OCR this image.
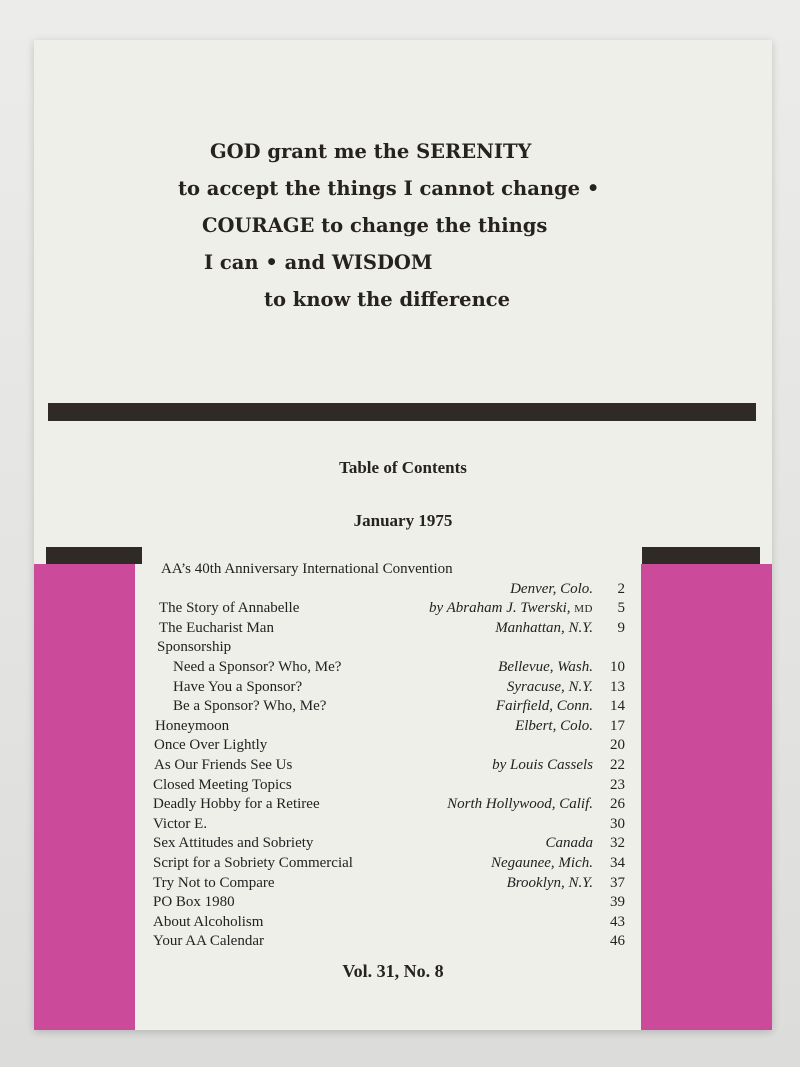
GOD grant me the SERENITY
to accept the things I cannot change •
COURAGE to change the things
I can • and WISDOM
to know the difference
Table of Contents
January 1975
AA’s 40th Anniversary International Convention
Denver, Colo.	2
The Story of Annabelle	by Abraham J. Twerski, MD	5
The Eucharist Man	Manhattan, N.Y.	9
Sponsorship
Need a Sponsor? Who, Me?	Bellevue, Wash.	10
Have You a Sponsor?	Syracuse, N.Y.	13
Be a Sponsor? Who, Me?	Fairfield, Conn.	14
Honeymoon	Elbert, Colo.	17
Once Over Lightly	20
As Our Friends See Us	by Louis Cassels	22
Closed Meeting Topics	23
Deadly Hobby for a Retiree	North Hollywood, Calif.	26
Victor E.	30
Sex Attitudes and Sobriety	Canada	32
Script for a Sobriety Commercial	Negaunee, Mich.	34
Try Not to Compare	Brooklyn, N.Y.	37
PO Box 1980	39
About Alcoholism	43
Your AA Calendar	46
Vol. 31, No. 8
